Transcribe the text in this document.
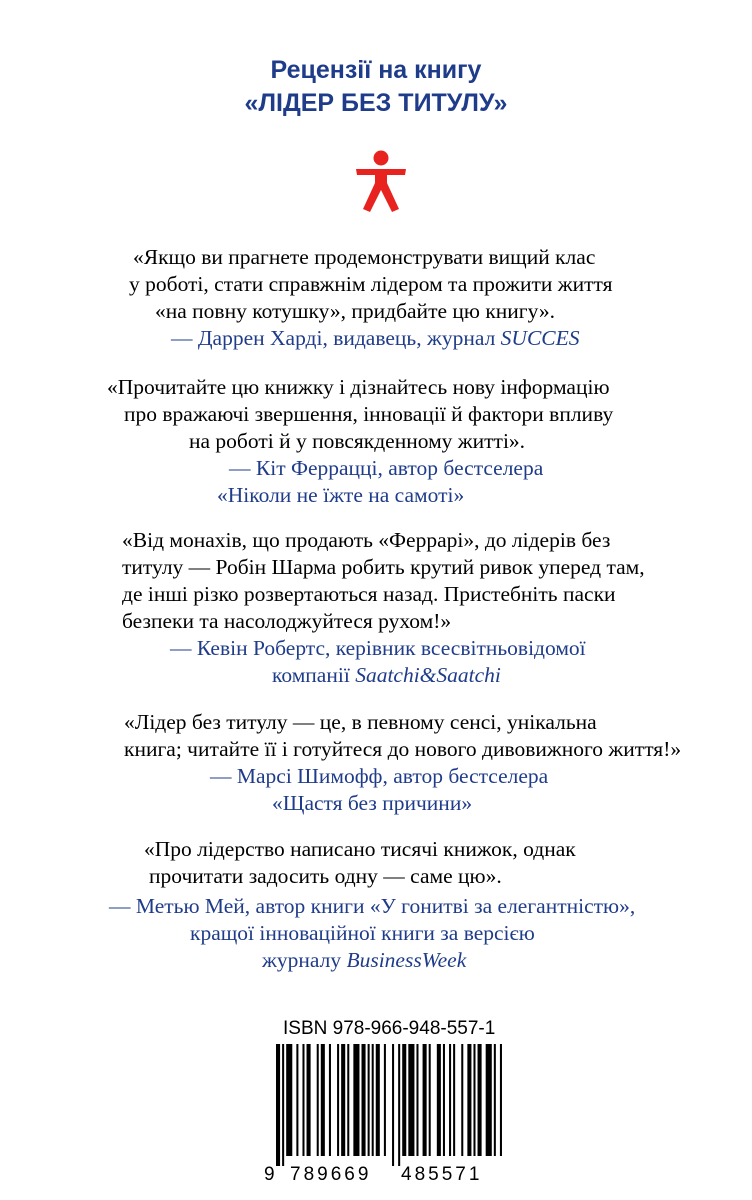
Рецензії на книгу
«ЛІДЕР БЕЗ ТИТУЛУ»
«Якщо ви прагнете продемонструвати вищий клас
у роботі, стати справжнім лідером та прожити життя
«на повну котушку», придбайте цю книгу».
— Даррен Харді, видавець, журнал SUCCES
«Прочитайте цю книжку і дізнайтесь нову інформацію
про вражаючі звершення, інновації й фактори впливу
на роботі й у повсякденному житті».
— Кіт Феррацці, автор бестселера
«Ніколи не їжте на самоті»
«Від монахів, що продають «Феррарі», до лідерів без
титулу — Робін Шарма робить крутий ривок уперед там,
де інші різко розвертаються назад. Пристебніть паски
безпеки та насолоджуйтеся рухом!»
— Кевін Робертс, керівник всесвітньовідомої
компанії Saatchi&Saatchi
«Лідер без титулу — це, в певному сенсі, унікальна
книга; читайте її і готуйтеся до нового дивовижного життя!»
— Марсі Шимофф, автор бестселера
«Щастя без причини»
«Про лідерство написано тисячі книжок, однак
прочитати задосить одну — саме цю».
— Метью Мей, автор книги «У гонитві за елегантністю»,
кращої інноваційної книги за версією
журналу BusinessWeek
ISBN 978-966-948-557-1
9 789669 485571
